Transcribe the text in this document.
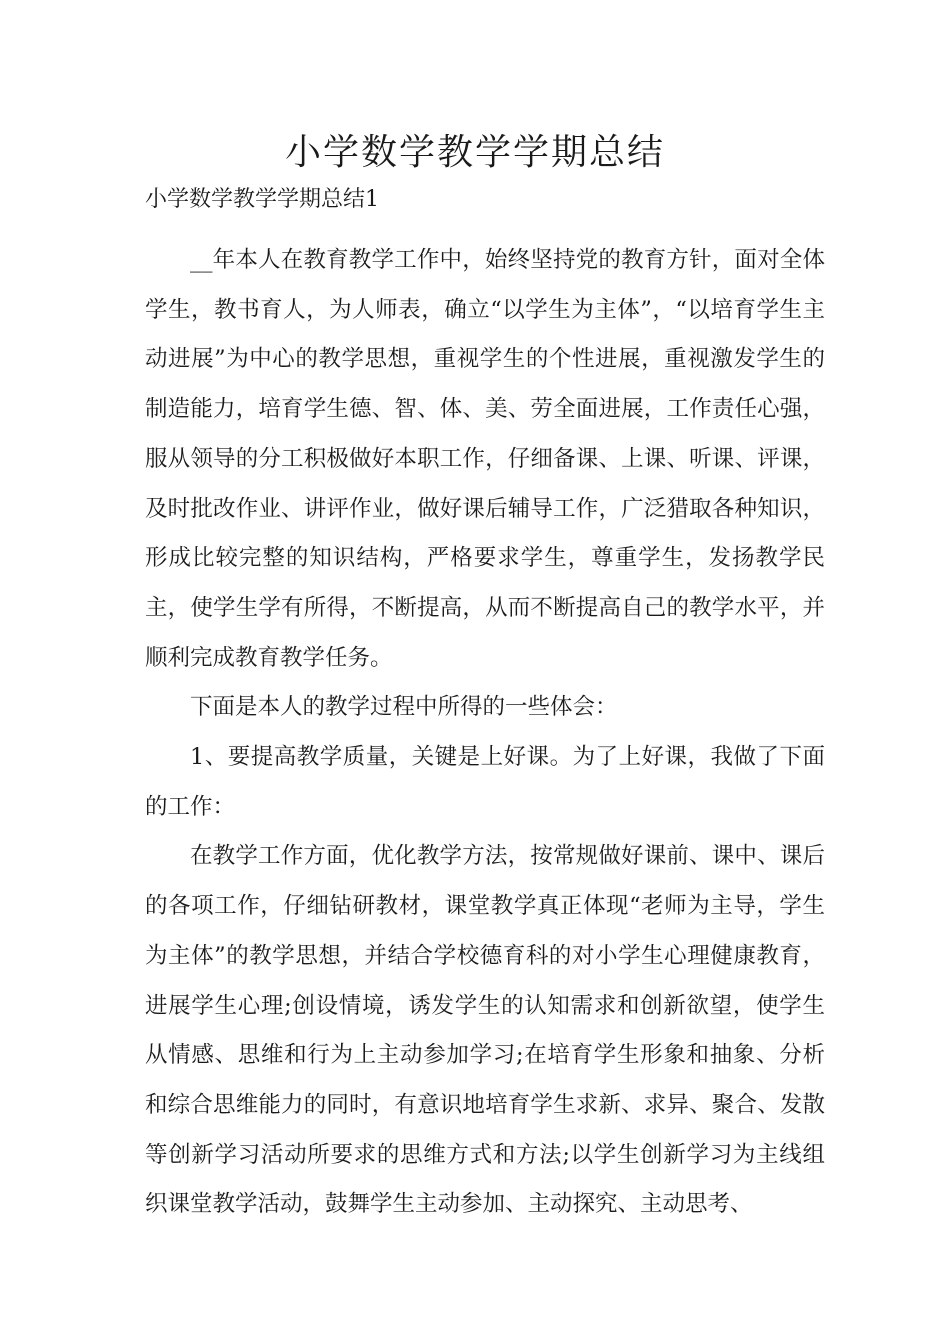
小学数学教学学期总结
小学数学教学学期总结1

__年本人在教育教学工作中，始终坚持党的教育方针，面对全体学生，教书育人，为人师表，确立“以学生为主体”，“以培育学生主动进展”为中心的教学思想，重视学生的个性进展，重视激发学生的制造能力，培育学生德、智、体、美、劳全面进展，工作责任心强，服从领导的分工积极做好本职工作，仔细备课、上课、听课、评课，及时批改作业、讲评作业，做好课后辅导工作，广泛猎取各种知识，形成比较完整的知识结构，严格要求学生，尊重学生，发扬教学民主，使学生学有所得，不断提高，从而不断提高自己的教学水平，并顺利完成教育教学任务。

下面是本人的教学过程中所得的一些体会：

1、要提高教学质量，关键是上好课。为了上好课，我做了下面的工作：

在教学工作方面，优化教学方法，按常规做好课前、课中、课后的各项工作，仔细钻研教材，课堂教学真正体现“老师为主导，学生为主体”的教学思想，并结合学校德育科的对小学生心理健康教育，进展学生心理;创设情境，诱发学生的认知需求和创新欲望，使学生从情感、思维和行为上主动参加学习;在培育学生形象和抽象、分析和综合思维能力的同时，有意识地培育学生求新、求异、聚合、发散等创新学习活动所要求的思维方式和方法;以学生创新学习为主线组织课堂教学活动，鼓舞学生主动参加、主动探究、主动思考、
